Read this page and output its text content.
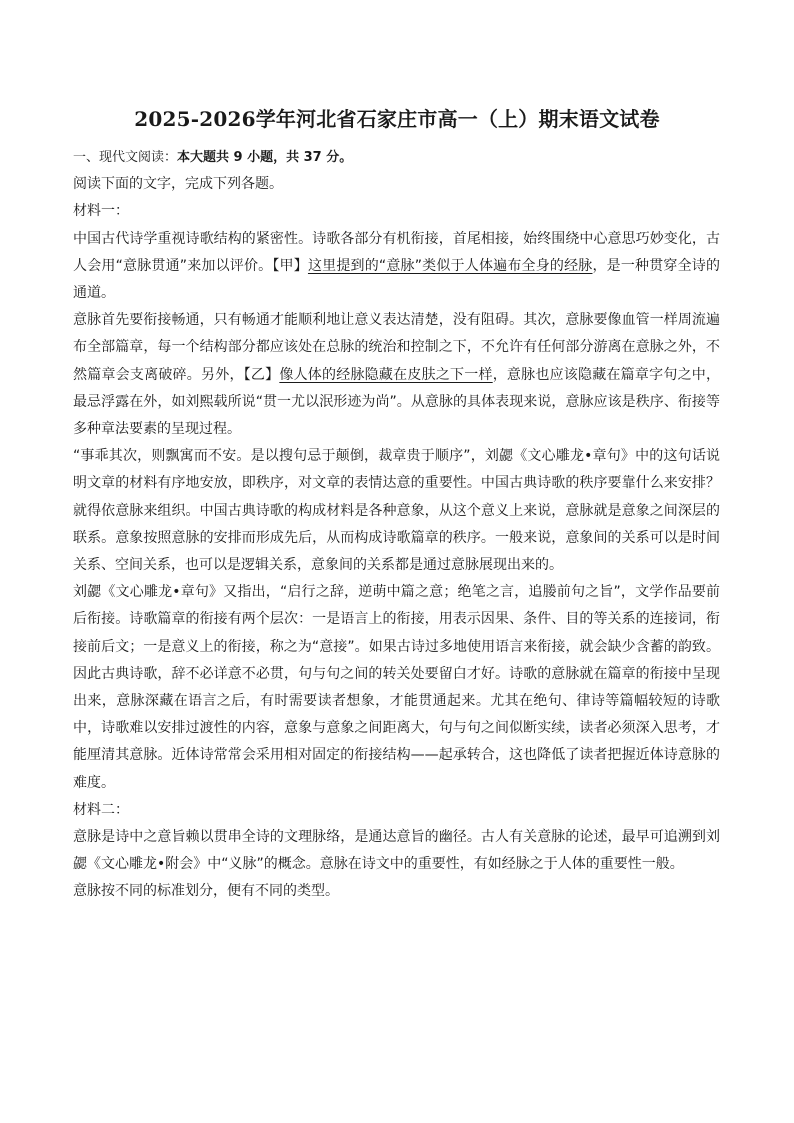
2025-2026学年河北省石家庄市高一（上）期末语文试卷

一、现代文阅读：本大题共 9 小题，共 37 分。

阅读下面的文字，完成下列各题。

材料一：

中国古代诗学重视诗歌结构的紧密性。诗歌各部分有机衔接，首尾相接，始终围绕中心意思巧妙变化，古人会用“意脉贯通”来加以评价。【甲】这里提到的“意脉”类似于人体遍布全身的经脉，是一种贯穿全诗的通道。

意脉首先要衔接畅通，只有畅通才能顺利地让意义表达清楚，没有阻碍。其次，意脉要像血管一样周流遍布全部篇章，每一个结构部分都应该处在总脉的统治和控制之下，不允许有任何部分游离在意脉之外，不然篇章会支离破碎。另外，【乙】像人体的经脉隐藏在皮肤之下一样，意脉也应该隐藏在篇章字句之中，最忌浮露在外，如刘熙载所说“贯一尤以泯形迹为尚”。从意脉的具体表现来说，意脉应该是秩序、衔接等多种章法要素的呈现过程。

“事乖其次，则飘寓而不安。是以搜句忌于颠倒，裁章贵于顺序”，刘勰《文心雕龙•章句》中的这句话说明文章的材料有序地安放，即秩序，对文章的表情达意的重要性。中国古典诗歌的秩序要靠什么来安排？就得依意脉来组织。中国古典诗歌的构成材料是各种意象，从这个意义上来说，意脉就是意象之间深层的联系。意象按照意脉的安排而形成先后，从而构成诗歌篇章的秩序。一般来说，意象间的关系可以是时间关系、空间关系，也可以是逻辑关系，意象间的关系都是通过意脉展现出来的。

刘勰《文心雕龙•章句》又指出，“启行之辞，逆萌中篇之意；绝笔之言，追媵前句之旨”，文学作品要前后衔接。诗歌篇章的衔接有两个层次：一是语言上的衔接，用表示因果、条件、目的等关系的连接词，衔接前后文；一是意义上的衔接，称之为“意接”。如果古诗过多地使用语言来衔接，就会缺少含蓄的韵致。因此古典诗歌，辞不必详意不必贯，句与句之间的转关处要留白才好。诗歌的意脉就在篇章的衔接中呈现出来，意脉深藏在语言之后，有时需要读者想象，才能贯通起来。尤其在绝句、律诗等篇幅较短的诗歌中，诗歌难以安排过渡性的内容，意象与意象之间距离大，句与句之间似断实续，读者必须深入思考，才能厘清其意脉。近体诗常常会采用相对固定的衔接结构——起承转合，这也降低了读者把握近体诗意脉的难度。

材料二：

意脉是诗中之意旨赖以贯串全诗的文理脉络，是通达意旨的幽径。古人有关意脉的论述，最早可追溯到刘勰《文心雕龙•附会》中“义脉”的概念。意脉在诗文中的重要性，有如经脉之于人体的重要性一般。

意脉按不同的标准划分，便有不同的类型。
